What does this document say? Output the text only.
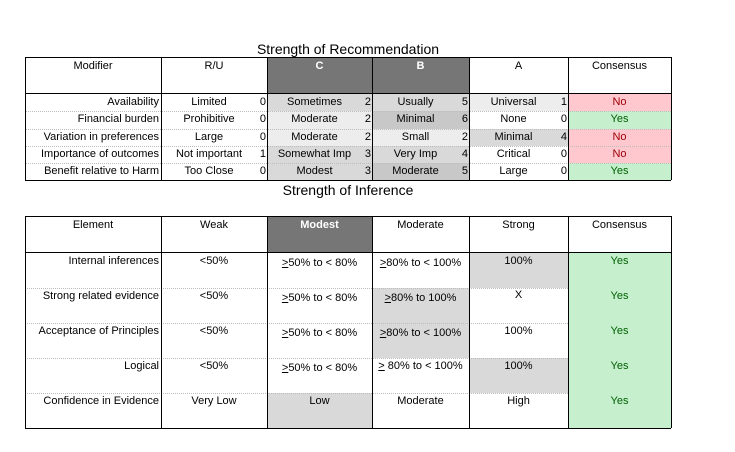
Strength of Recommendation
Modifier	R/U	C	B	A	Consensus
Availability	Limited	0	Sometimes	2	Usually	5	Universal	1	No
Financial burden	Prohibitive	0	Moderate	2	Minimal	6	None	0	Yes
Variation in preferences	Large	0	Moderate	2	Small	2	Minimal	4	No
Importance of outcomes	Not important	1	Somewhat Imp	3	Very Imp	4	Critical	0	No
Benefit relative to Harm	Too Close	0	Modest	3	Moderate	5	Large	0	Yes
Strength of Inference
Element	Weak	Modest	Moderate	Strong	Consensus
Internal inferences	<50%	≥50% to < 80%	≥80% to < 100%	100%	Yes
Strong related evidence	<50%	≥50% to < 80%	≥80% to 100%	X	Yes
Acceptance of Principles	<50%	≥50% to < 80%	≥80% to < 100%	100%	Yes
Logical	<50%	≥50% to < 80%	≥ 80% to < 100%	100%	Yes
Confidence in Evidence	Very Low	Low	Moderate	High	Yes
